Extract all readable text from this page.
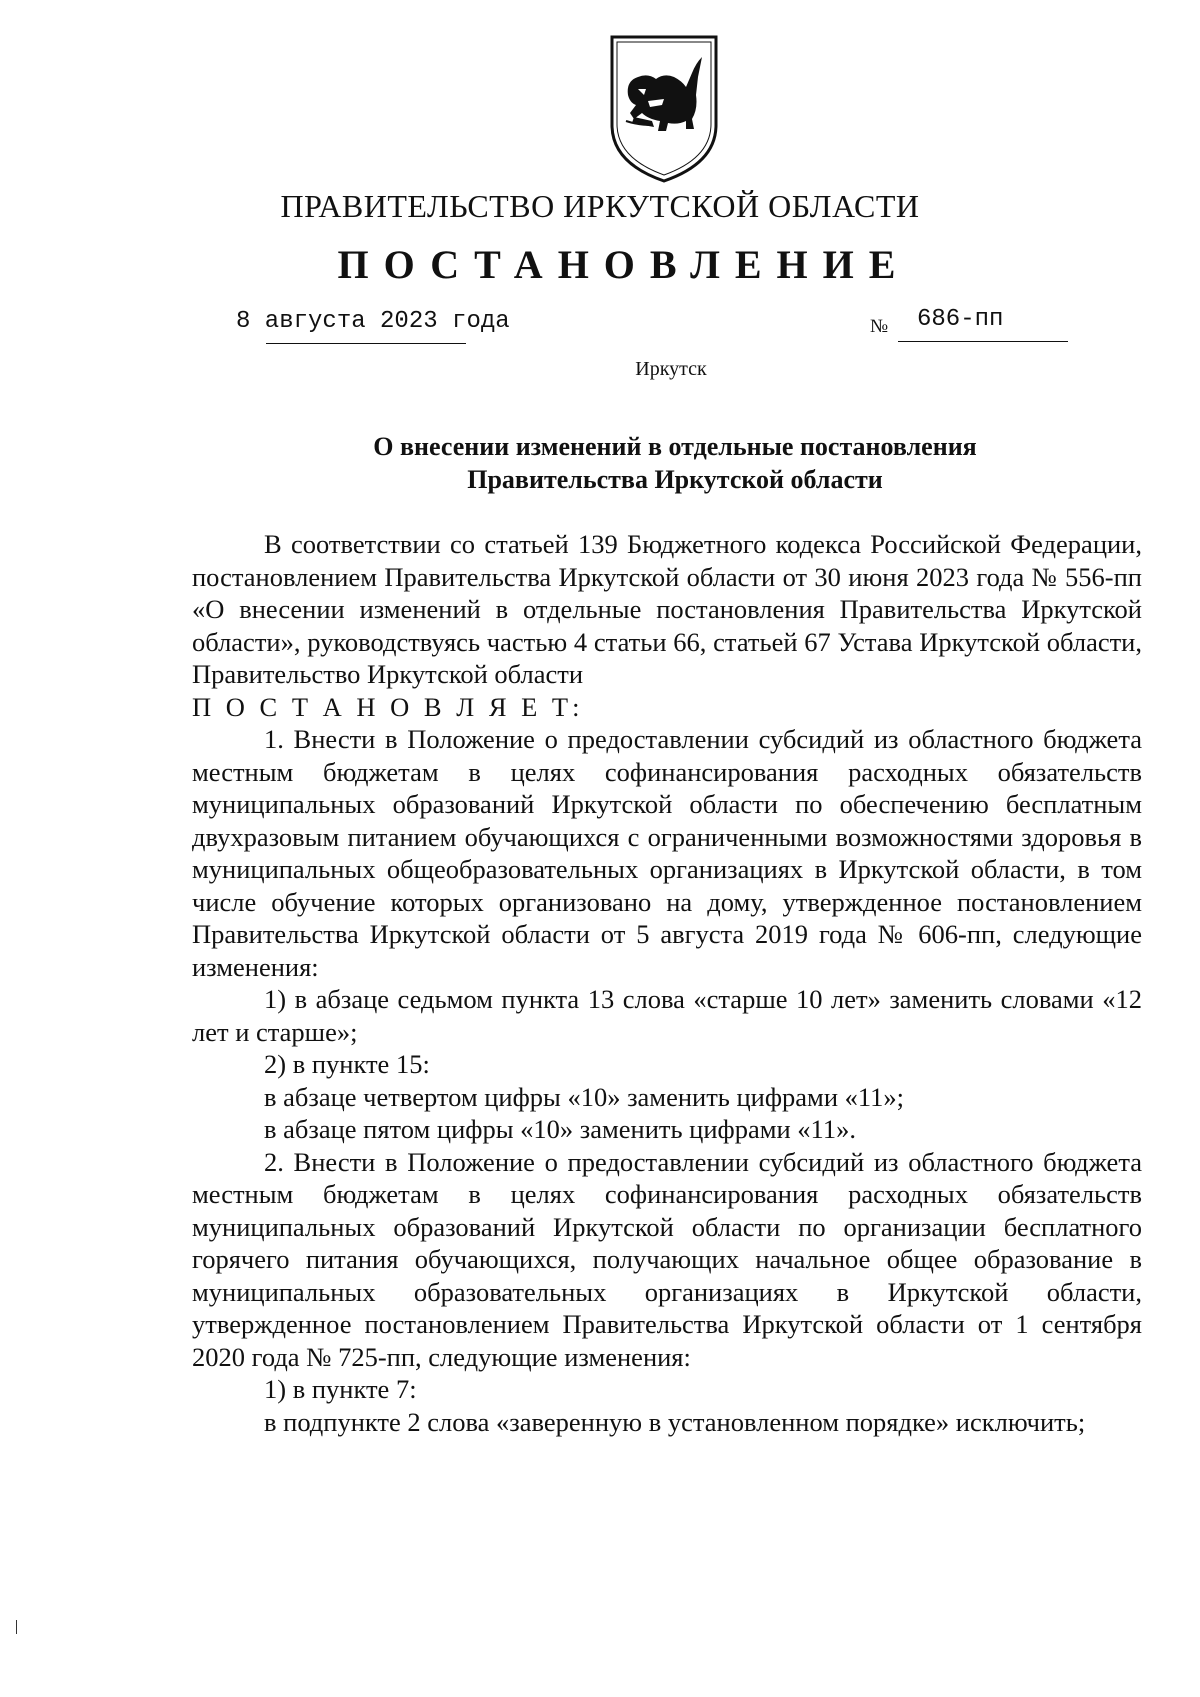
ПРАВИТЕЛЬСТВО ИРКУТСКОЙ ОБЛАСТИ
ПОСТАНОВЛЕНИЕ
8 августа 2023 года	№ 686-пп
Иркутск
О внесении изменений в отдельные постановления
Правительства Иркутской области

В соответствии со статьей 139 Бюджетного кодекса Российской Федерации, постановлением Правительства Иркутской области от 30 июня 2023 года № 556-пп «О внесении изменений в отдельные постановления Правительства Иркутской области», руководствуясь частью 4 статьи 66, статьей 67 Устава Иркутской области, Правительство Иркутской области

П О С Т А Н О В Л Я Е Т:

1. Внести в Положение о предоставлении субсидий из областного бюджета местным бюджетам в целях софинансирования расходных обязательств муниципальных образований Иркутской области по обеспечению бесплатным двухразовым питанием обучающихся с ограниченными возможностями здоровья в муниципальных общеобразовательных организациях в Иркутской области, в том числе обучение которых организовано на дому, утвержденное постановлением Правительства Иркутской области от 5 августа 2019 года № 606-пп, следующие изменения:

1) в абзаце седьмом пункта 13 слова «старше 10 лет» заменить словами «12 лет и старше»;

2) в пункте 15:

в абзаце четвертом цифры «10» заменить цифрами «11»;

в абзаце пятом цифры «10» заменить цифрами «11».

2. Внести в Положение о предоставлении субсидий из областного бюджета местным бюджетам в целях софинансирования расходных обязательств муниципальных образований Иркутской области по организации бесплатного горячего питания обучающихся, получающих начальное общее образование в муниципальных образовательных организациях в Иркутской области, утвержденное постановлением Правительства Иркутской области от 1 сентября 2020 года № 725-пп, следующие изменения:

1) в пункте 7:

в подпункте 2 слова «заверенную в установленном порядке» исключить;
